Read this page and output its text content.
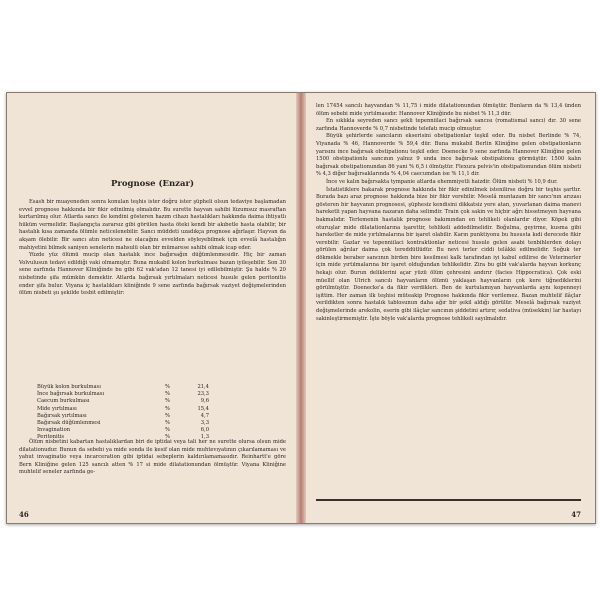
Prognose (Enzar)

Esash bir muayeneden sonra konulan teşhis ister doğru ister şüpheli olsun tedaviye başlamadan evvel prognose hakkında bir fikir edinilmiş olmalıdır. Bu surette hayvan sahibi lüzumsuz masraftan kurtarılmış olur. Atlarda sancı ile kendini gösteren hazım cihazı hastalıkları hakkında daima ihtiyatlı hüküm vermelidir. Başlangıçta zararsız gibi görülen hasta öteki kendi bir akıbetle hasta olabilir, bir hastalık kısa zamanda ölümle neticelenebilir. Sancı müddeti uzadıkça prognose ağırlaşır. Hayvan da akşam ölebilir. Bir sancı atın neticesi ne olacağını evvelden söyleyebilmek için evvelâ hastalığın mahiyetini bilmek saniyen senelerin mahsulü olan bir mümarese sahibi olmak icap eder.

Yüzde yüz ölümü mucip olan hastalık ince bağırsağın düğümlenmesidir. Hiç bir zaman Volvulusun tedavi edildiği vaki olmamıştır. Buna mukabil kolon burkulması bazan iyileşebilir. Son 30 sene zarfında Hannover Kliniğinde bu gibi 62 vak'adan 12 tanesi iyi edilebilmiştir. Şu halde % 20 nisbetinde şifa mümkün demektir. Atlarda bağırsak yırtılmaları neticesi husule gelen peritonitis ender şifa bulur. Viyana iç hastalıkları kliniğinde 9 sene zarfında bağırsak vaziyet değişmelerinden ölüm nisbeti şu şekilde tesbit edilmiştir:

Büyük kolon burkulması	%	21,4
İnce bağırsak burkulması	%	23,3
Caecum burkulması	%	9,6
Mide yırtılması	%	15,4
Bağırsak yırtılması	%	4,7
Bağırsak düğümlenmesi	%	3,3
Invagination	%	6,0
Peritonitis	%	1,3

Ölüm nisbetini kabartan hastalıklardan biri de iptidai veya tali her ne surette olursa olsun mide dilatationudur. Bunun da sebebi ya mide sonda ile kesif olan mide muhtevıyatının çıkarılamaması ve yahut invaginatio veya incarceration gibi iptidai sebeplerin kaldırılamamasıdır. Reinhartt'e göre Bern Kliniğine gelen 125 sancılı atten % 17 si mide dilatationundan ölmüştür. Viyana Kliniğine muhtelif seneler zarfında ge-

46

len 17454 sancılı hayvandan % 11,75 i mide dilatationundan ölmüştür. Bunların da % 13,4 ünden ölüm sebebi mide yırtılmasıdır. Hannover Kliniğinde bu nisbet % 11,3 dür.

En sıklıkla seyreden sancı şekli tepenniilaci bağırsak sancısı (romatismal sancı) dır. 30 sene zarfında Hannoverde % 0,7 nisbetinde telefatı mucip olmuştur.

Büyük şehirlerde sancıların ekserisini obstipationlar teşkil eder. Bu nisbet Berlinde % 74, Viyanada % 46, Hannoverde % 59,4 dür. Buna mukabil Berlin Kliniğine gelen obstipationların yarısını ince bağırsak obstipationu teşkil eder. Doenecke 9 sene zarfında Hannover Kliniğine gelen 1500 obstipationlu sancının yalnız 9 unda ince bağırsak obstipationu görmüştür. 1500 kalın bağırsak obstipationundan 86 yani % 6,5 i ölmüştür. Flexura pelvis'in obstipationundan ölüm nisbeti % 4,3 diğer bağırsaklarında % 4,04 caecumdan ise % 11,1 dir.

İnce ve kalın bağırsakta tympanie atlarda ehemmiyetli haizdir. Ölüm nisbeti % 10,9 dur.

İstatistiklere bakarak prognose hakkında bir fikir edinilmek istenilirse doğru bir teşhis şarttır. Burada bazı araz prognose hakkında bize bir fikir verebilir. Meselâ muntazam bir sancı'nın arızası gösteren bir hayvanın prognosesi, şüphesiz kendisini dikkatsiz yere atan, yuvarlanan daima manevi hareketli yapan hayvana nazaran daha selimdir. Train çok sakin ve hiçbir ağrı hissetmeyen hayvana bakmalıdır. Terlemenin hastalık prognose bakımından en tehlikeli olanlardır diyor. Köpek gibi oturuşlar mide dilatationlarına işarettir, tehlikeli addedilmelidir. Boğulma, geyirme, kusma gibi hareketler de mide yırtılmalarına bir işaret olabilir. Karın punktiyonu bu hususta kıdi derecede fikir verebilir. Gazlar ve tepenniilaci kontraktionlar neticesi husule gelen asabi tenbihlerden dolayı görülen ağrılar daima çok tereddütlüdür. Bu nevi terler ciddi telâkki edilmelidir. Soğuk ter dökmekle beraber sancının birden bire kesilmesi kalk tarafından iyi kabul edilirse de Veterinerler için mide yırtılmalarına bir işaret olduğundan tehlikelidir. Zira bu gibi vak'alarda hayvan korkunç hekajı olur. Burun deliklerini açar yüzü ölüm çehresini andırır (facies Hippocratica). Çok eski müellif olan Ulrich sancılı hayvanların ölümü yaklaşan hayvanların çok kere tiğnediklerini görülmüştür. Doenecke'a da fikir verdikleri. Ben de kurtulamıyan hayvanlarda aynı kopenneyi işittim. Her zaman ilk teşhisi müteakip Prognose hakkında fikir verilemez. Bazan muhtelif ilâçlar verildikten sonra hastalık tablosunun daha ağır bir şekil aldığı görülür. Meselâ bağırsak vaziyet değişmelerinde arekolin, eserin gibi ilâçlar sancının şiddetini artırır, sedativa (müsekkin) lar hastayı sakinleştirmemiştir. İşte böyle vak'alarda prognose tehlikeli sayılmalıdır.

47
